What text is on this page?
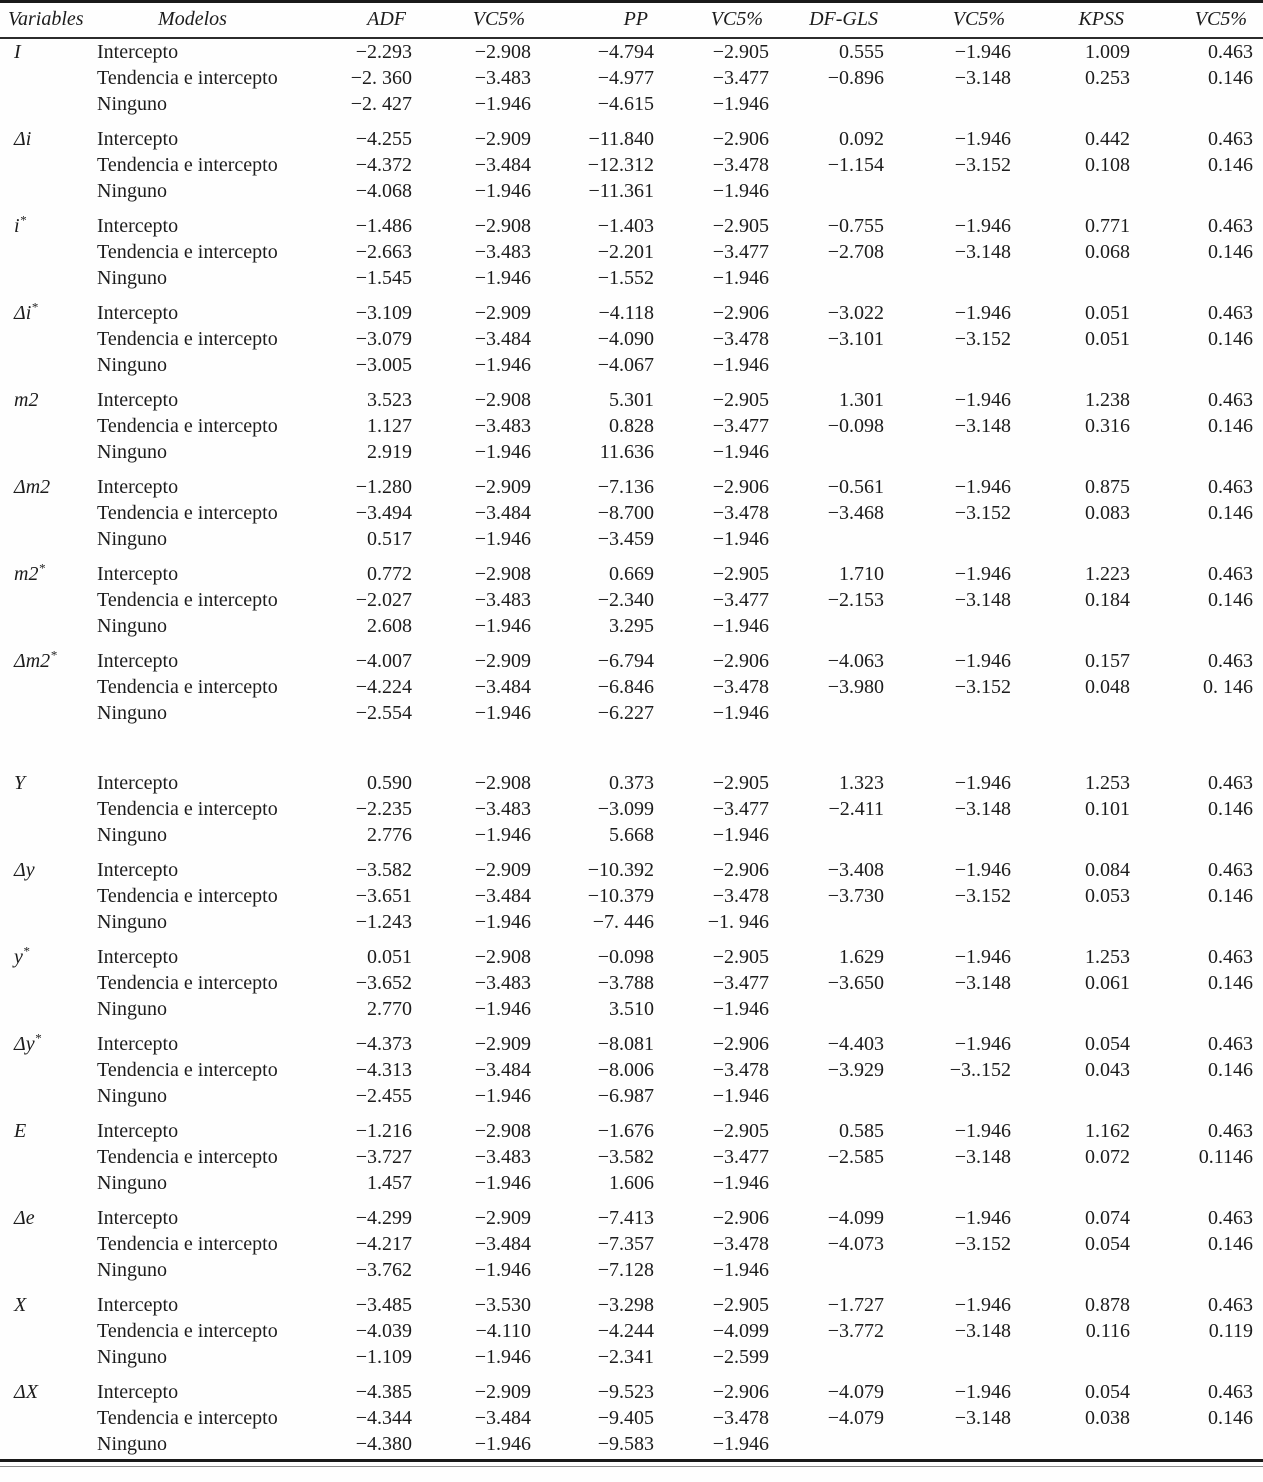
Variables	Modelos	ADF	VC5%	PP	VC5%	DF-GLS	VC5%	KPSS	VC5%
I	Intercepto	−2.293	−2.908	−4.794	−2.905	0.555	−1.946	1.009	0.463
	Tendencia e intercepto	−2. 360	−3.483	−4.977	−3.477	−0.896	−3.148	0.253	0.146
	Ninguno	−2. 427	−1.946	−4.615	−1.946				

Δi	Intercepto	−4.255	−2.909	−11.840	−2.906	0.092	−1.946	0.442	0.463
	Tendencia e intercepto	−4.372	−3.484	−12.312	−3.478	−1.154	−3.152	0.108	0.146
	Ninguno	−4.068	−1.946	−11.361	−1.946				

i*	Intercepto	−1.486	−2.908	−1.403	−2.905	−0.755	−1.946	0.771	0.463
	Tendencia e intercepto	−2.663	−3.483	−2.201	−3.477	−2.708	−3.148	0.068	0.146
	Ninguno	−1.545	−1.946	−1.552	−1.946				

Δi*	Intercepto	−3.109	−2.909	−4.118	−2.906	−3.022	−1.946	0.051	0.463
	Tendencia e intercepto	−3.079	−3.484	−4.090	−3.478	−3.101	−3.152	0.051	0.146
	Ninguno	−3.005	−1.946	−4.067	−1.946				

m2	Intercepto	3.523	−2.908	5.301	−2.905	1.301	−1.946	1.238	0.463
	Tendencia e intercepto	1.127	−3.483	0.828	−3.477	−0.098	−3.148	0.316	0.146
	Ninguno	2.919	−1.946	11.636	−1.946				

Δm2	Intercepto	−1.280	−2.909	−7.136	−2.906	−0.561	−1.946	0.875	0.463
	Tendencia e intercepto	−3.494	−3.484	−8.700	−3.478	−3.468	−3.152	0.083	0.146
	Ninguno	0.517	−1.946	−3.459	−1.946				

m2*	Intercepto	0.772	−2.908	0.669	−2.905	1.710	−1.946	1.223	0.463
	Tendencia e intercepto	−2.027	−3.483	−2.340	−3.477	−2.153	−3.148	0.184	0.146
	Ninguno	2.608	−1.946	3.295	−1.946				

Δm2*	Intercepto	−4.007	−2.909	−6.794	−2.906	−4.063	−1.946	0.157	0.463
	Tendencia e intercepto	−4.224	−3.484	−6.846	−3.478	−3.980	−3.152	0.048	0. 146
	Ninguno	−2.554	−1.946	−6.227	−1.946				

Y	Intercepto	0.590	−2.908	0.373	−2.905	1.323	−1.946	1.253	0.463
	Tendencia e intercepto	−2.235	−3.483	−3.099	−3.477	−2.411	−3.148	0.101	0.146
	Ninguno	2.776	−1.946	5.668	−1.946				

Δy	Intercepto	−3.582	−2.909	−10.392	−2.906	−3.408	−1.946	0.084	0.463
	Tendencia e intercepto	−3.651	−3.484	−10.379	−3.478	−3.730	−3.152	0.053	0.146
	Ninguno	−1.243	−1.946	−7. 446	−1. 946				

y*	Intercepto	0.051	−2.908	−0.098	−2.905	1.629	−1.946	1.253	0.463
	Tendencia e intercepto	−3.652	−3.483	−3.788	−3.477	−3.650	−3.148	0.061	0.146
	Ninguno	2.770	−1.946	3.510	−1.946				

Δy*	Intercepto	−4.373	−2.909	−8.081	−2.906	−4.403	−1.946	0.054	0.463
	Tendencia e intercepto	−4.313	−3.484	−8.006	−3.478	−3.929	−3..152	0.043	0.146
	Ninguno	−2.455	−1.946	−6.987	−1.946				

E	Intercepto	−1.216	−2.908	−1.676	−2.905	0.585	−1.946	1.162	0.463
	Tendencia e intercepto	−3.727	−3.483	−3.582	−3.477	−2.585	−3.148	0.072	0.1146
	Ninguno	1.457	−1.946	1.606	−1.946				

Δe	Intercepto	−4.299	−2.909	−7.413	−2.906	−4.099	−1.946	0.074	0.463
	Tendencia e intercepto	−4.217	−3.484	−7.357	−3.478	−4.073	−3.152	0.054	0.146
	Ninguno	−3.762	−1.946	−7.128	−1.946				

X	Intercepto	−3.485	−3.530	−3.298	−2.905	−1.727	−1.946	0.878	0.463
	Tendencia e intercepto	−4.039	−4.110	−4.244	−4.099	−3.772	−3.148	0.116	0.119
	Ninguno	−1.109	−1.946	−2.341	−2.599				

ΔX	Intercepto	−4.385	−2.909	−9.523	−2.906	−4.079	−1.946	0.054	0.463
	Tendencia e intercepto	−4.344	−3.484	−9.405	−3.478	−4.079	−3.148	0.038	0.146
	Ninguno	−4.380	−1.946	−9.583	−1.946				
